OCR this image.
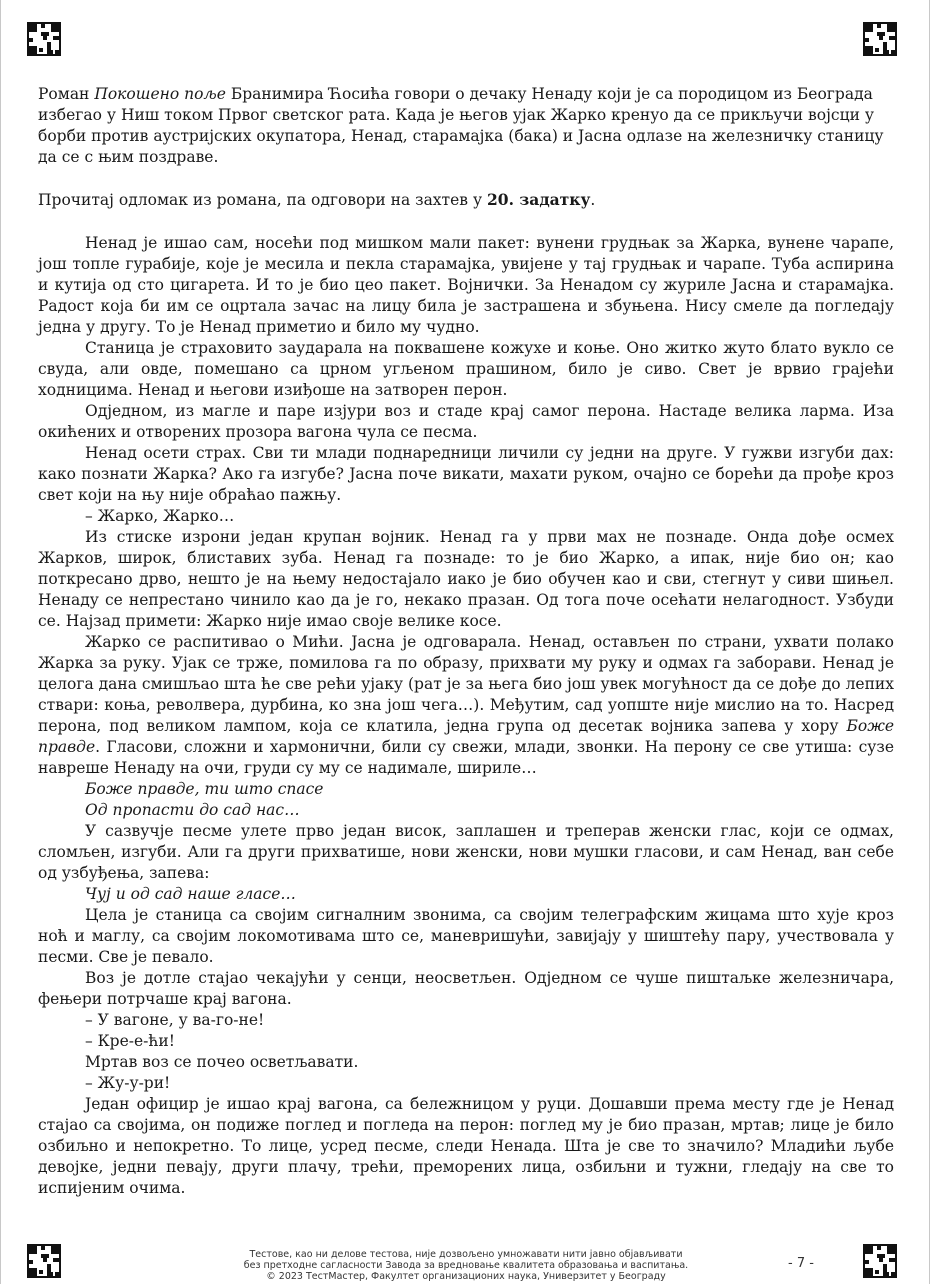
Роман Покошено поље Бранимира Ћосића говори о дечаку Ненаду који је са породицом из Београда избегао у Ниш током Првог светског рата. Када је његов ујак Жарко кренуо да се прикључи војсци у борби против аустријских окупатора, Ненад, старамајка (бака) и Јасна одлазе на железничку станицу да се с њим поздраве.

Прочитај одломак из романа, па одговори на захтев у 20. задатку.

Ненад је ишао сам, носећи под мишком мали пакет: вунени грудњак за Жарка, вунене чарапе, још топле гурабије, које је месила и пекла старамајка, увијене у тај грудњак и чарапе. Туба аспирина и кутија од сто цигарета. И то је био цео пакет. Војнички. За Ненадом су журиле Јасна и старамајка. Радост која би им се оцртала зачас на лицу била је застрашена и збуњена. Нису смеле да погледају једна у другу. То је Ненад приметио и било му чудно.

Станица је страховито заударала на поквашене кожухе и коње. Оно житко жуто блато вукло се свуда, али овде, помешано са црном угљеном прашином, било је сиво. Свет је врвио грајећи ходницима. Ненад и његови изиђоше на затворен перон.

Одједном, из магле и паре изјури воз и стаде крај самог перона. Настаде велика ларма. Иза окићених и отворених прозора вагона чула се песма.

Ненад осети страх. Сви ти млади поднаредници личили су једни на друге. У гужви изгуби дах: како познати Жарка? Ако га изгубе? Јасна поче викати, махати руком, очајно се борећи да прође кроз свет који на њу није обраћао пажњу.

– Жарко, Жарко…

Из стиске изрони један крупан војник. Ненад га у први мах не познаде. Онда дође осмех Жарков, широк, блиставих зуба. Ненад га познаде: то је био Жарко, а ипак, није био он; као поткресано дрво, нешто је на њему недостајало иако је био обучен као и сви, стегнут у сиви шињел. Ненаду се непрестано чинило као да је го, некако празан. Од тога поче осећати нелагодност. Узбуди се. Најзад примети: Жарко није имао своје велике косе.

Жарко се распитивао о Мићи. Јасна је одговарала. Ненад, остављен по страни, ухвати полако Жарка за руку. Ујак се трже, помилова га по образу, прихвати му руку и одмах га заборави. Ненад је целога дана смишљао шта ће све рећи ујаку (рат је за њега био још увек могућност да се дође до лепих ствари: коња, револвера, дурбина, ко зна још чега…). Међутим, сад уопште није мислио на то. Насред перона, под великом лампом, која се клатила, једна група од десетак војника запева у хору Боже правде. Гласови, сложни и хармонични, били су свежи, млади, звонки. На перону се све утиша: сузе навреше Ненаду на очи, груди су му се надимале, шириле…

Боже правде, ти што спасе

Од пропасти до сад нас…

У сазвучје песме улете прво један висок, заплашен и треперав женски глас, који се одмах, сломљен, изгуби. Али га други прихватише, нови женски, нови мушки гласови, и сам Ненад, ван себе од узбуђења, запева:

Чуј и од сад наше гласе…

Цела је станица са својим сигналним звонима, са својим телеграфским жицама што хује кроз ноћ и маглу, са својим локомотивама што се, маневришући, завијају у шиштећу пару, учествовала у песми. Све је певало.

Воз је дотле стајао чекајући у сенци, неосветљен. Одједном се чуше пиштаљке железничара, фењери потрчаше крај вагона.

– У вагоне, у ва-го-не!

– Кре-е-ћи!

Мртав воз се почео осветљавати.

– Жу-у-ри!

Један официр је ишао крај вагона, са бележницом у руци. Дошавши према месту где је Ненад стајао са својима, он подиже поглед и погледа на перон: поглед му је био празан, мртав; лице је било озбиљно и непокретно. То лице, усред песме, следи Ненада. Шта је све то значило? Младићи љубе девојке, једни певају, други плачу, трећи, преморених лица, озбиљни и тужни, гледају на све то испијеним очима.

Тестове, као ни делове тестова, није дозвољено умножавати нити јавно објављивати
без претходне сагласности Завода за вредновање квалитета образовања и васпитања.
© 2023 ТестМастер, Факултет организационих наука, Универзитет у Београду
- 7 -
